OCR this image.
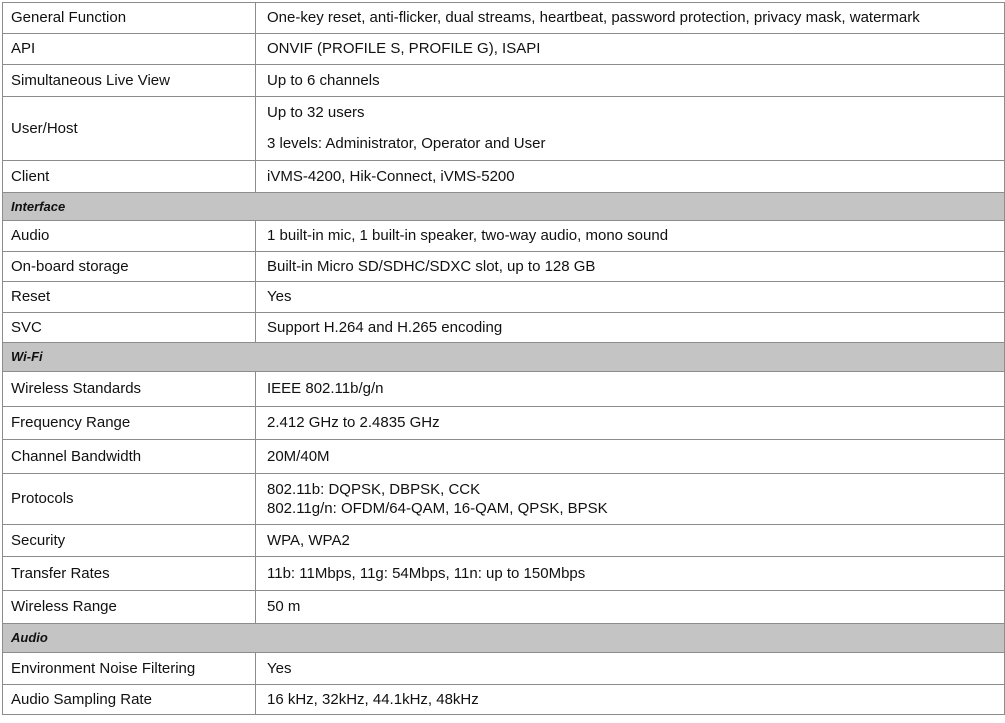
General Function	One-key reset, anti-flicker, dual streams, heartbeat, password protection, privacy mask, watermark

API	ONVIF (PROFILE S, PROFILE G), ISAPI

Simultaneous Live View	Up to 6 channels

User/Host	Up to 32 users
3 levels: Administrator, Operator and User

Client	iVMS-4200, Hik-Connect, iVMS-5200

Interface	
Audio	1 built-in mic, 1 built-in speaker, two-way audio, mono sound

On-board storage	Built-in Micro SD/SDHC/SDXC slot, up to 128 GB

Reset	Yes

SVC	Support H.264 and H.265 encoding

Wi-Fi	
Wireless Standards	IEEE 802.11b/g/n

Frequency Range	2.412 GHz to 2.4835 GHz

Channel Bandwidth	20M/40M

Protocols	802.11b: DQPSK, DBPSK, CCK
802.11g/n: OFDM/64-QAM, 16-QAM, QPSK, BPSK

Security	WPA, WPA2

Transfer Rates	11b: 11Mbps, 11g: 54Mbps, 11n: up to 150Mbps

Wireless Range	50 m

Audio	
Environment Noise Filtering	Yes

Audio Sampling Rate	16 kHz, 32kHz, 44.1kHz, 48kHz
